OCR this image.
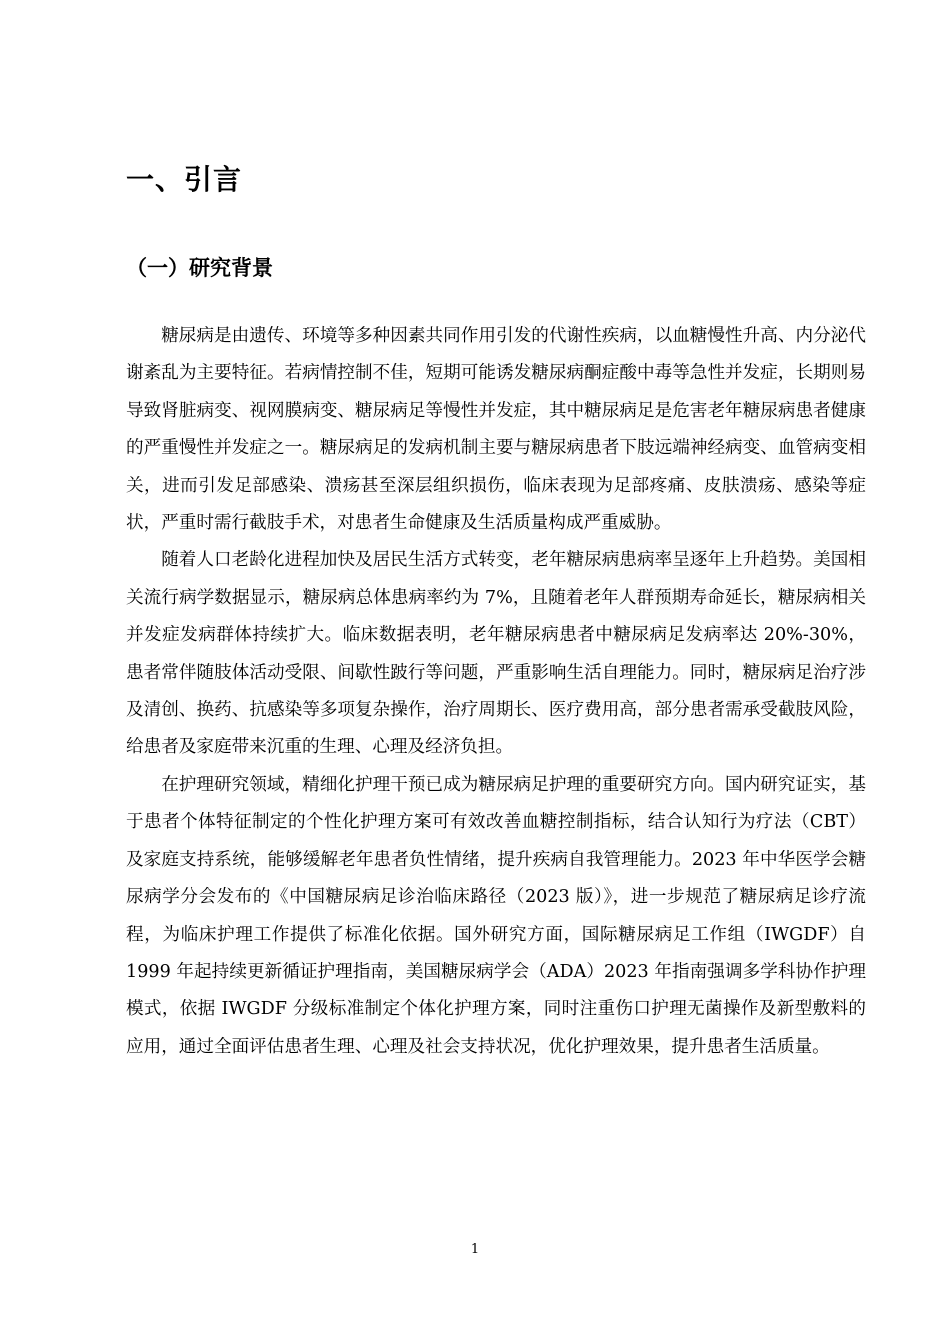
一、引言
（一）研究背景

糖尿病是由遗传、环境等多种因素共同作用引发的代谢性疾病，以血糖慢性升高、内分泌代谢紊乱为主要特征。若病情控制不佳，短期可能诱发糖尿病酮症酸中毒等急性并发症，长期则易导致肾脏病变、视网膜病变、糖尿病足等慢性并发症，其中糖尿病足是危害老年糖尿病患者健康的严重慢性并发症之一。糖尿病足的发病机制主要与糖尿病患者下肢远端神经病变、血管病变相关，进而引发足部感染、溃疡甚至深层组织损伤，临床表现为足部疼痛、皮肤溃疡、感染等症状，严重时需行截肢手术，对患者生命健康及生活质量构成严重威胁。

随着人口老龄化进程加快及居民生活方式转变，老年糖尿病患病率呈逐年上升趋势。美国相关流行病学数据显示，糖尿病总体患病率约为 7%，且随着老年人群预期寿命延长，糖尿病相关并发症发病群体持续扩大。临床数据表明，老年糖尿病患者中糖尿病足发病率达 20%-30%，患者常伴随肢体活动受限、间歇性跛行等问题，严重影响生活自理能力。同时，糖尿病足治疗涉及清创、换药、抗感染等多项复杂操作，治疗周期长、医疗费用高，部分患者需承受截肢风险，给患者及家庭带来沉重的生理、心理及经济负担。

在护理研究领域，精细化护理干预已成为糖尿病足护理的重要研究方向。国内研究证实，基于患者个体特征制定的个性化护理方案可有效改善血糖控制指标，结合认知行为疗法（CBT）及家庭支持系统，能够缓解老年患者负性情绪，提升疾病自我管理能力。2023 年中华医学会糖尿病学分会发布的《中国糖尿病足诊治临床路径（2023 版）》，进一步规范了糖尿病足诊疗流程，为临床护理工作提供了标准化依据。国外研究方面，国际糖尿病足工作组（IWGDF）自 1999 年起持续更新循证护理指南，美国糖尿病学会（ADA）2023 年指南强调多学科协作护理模式，依据 IWGDF 分级标准制定个体化护理方案，同时注重伤口护理无菌操作及新型敷料的应用，通过全面评估患者生理、心理及社会支持状况，优化护理效果，提升患者生活质量。

1
